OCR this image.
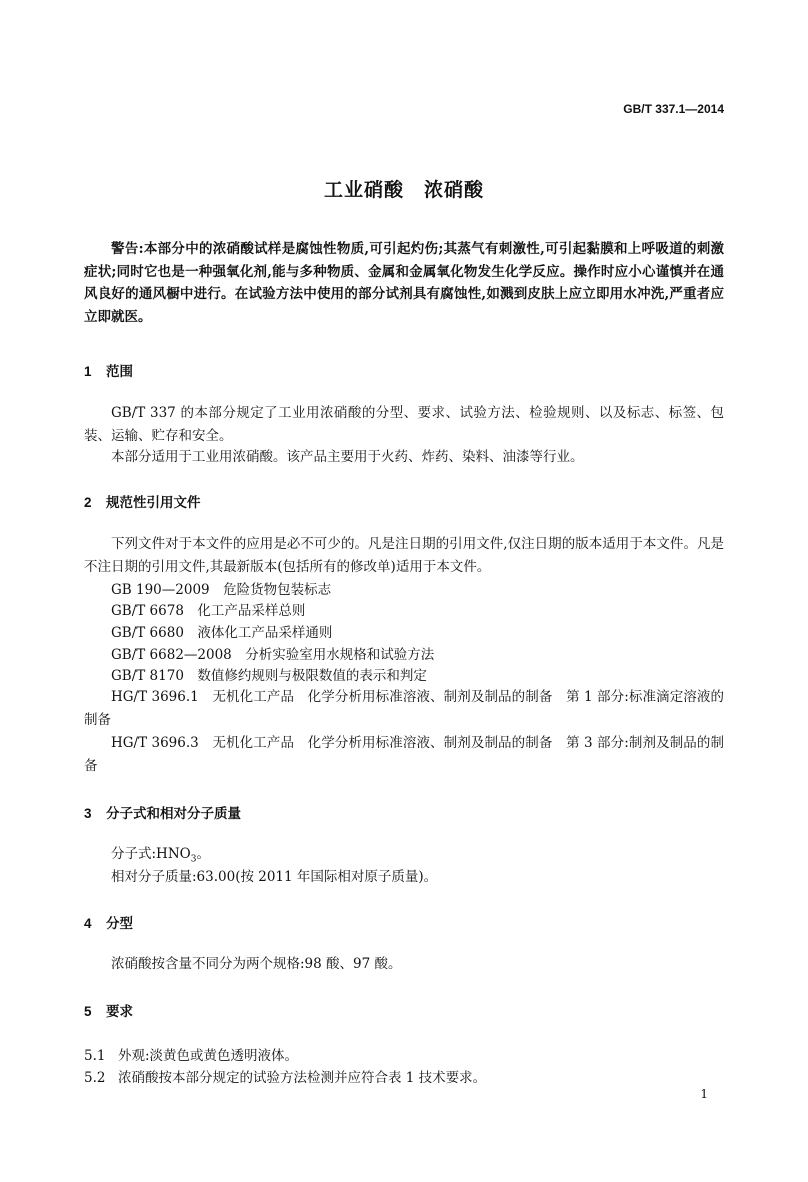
GB/T 337.1—2014
工业硝酸　浓硝酸
警告:本部分中的浓硝酸试样是腐蚀性物质,可引起灼伤;其蒸气有刺激性,可引起黏膜和上呼吸道的刺激症状;同时它也是一种强氧化剂,能与多种物质、金属和金属氧化物发生化学反应。操作时应小心谨慎并在通风良好的通风橱中进行。在试验方法中使用的部分试剂具有腐蚀性,如溅到皮肤上应立即用水冲洗,严重者应立即就医。
1 范围
GB/T 337 的本部分规定了工业用浓硝酸的分型、要求、试验方法、检验规则、以及标志、标签、包装、运输、贮存和安全。
本部分适用于工业用浓硝酸。该产品主要用于火药、炸药、染料、油漆等行业。
2 规范性引用文件
下列文件对于本文件的应用是必不可少的。凡是注日期的引用文件,仅注日期的版本适用于本文件。凡是不注日期的引用文件,其最新版本(包括所有的修改单)适用于本文件。
GB 190—2009　危险货物包装标志
GB/T 6678　化工产品采样总则
GB/T 6680　液体化工产品采样通则
GB/T 6682—2008　分析实验室用水规格和试验方法
GB/T 8170　数值修约规则与极限数值的表示和判定
HG/T 3696.1　无机化工产品　化学分析用标准溶液、制剂及制品的制备　第 1 部分:标准滴定溶液的制备
HG/T 3696.3　无机化工产品　化学分析用标准溶液、制剂及制品的制备　第 3 部分:制剂及制品的制备
3 分子式和相对分子质量
分子式$:HNO_3$。
相对分子质量:63.00(按 2011 年国际相对原子质量)。
4 分型
浓硝酸按含量不同分为两个规格:98 酸、97 酸。
5 要求
5.1 外观:淡黄色或黄色透明液体。
5.2 浓硝酸按本部分规定的试验方法检测并应符合表 1 技术要求。
1
